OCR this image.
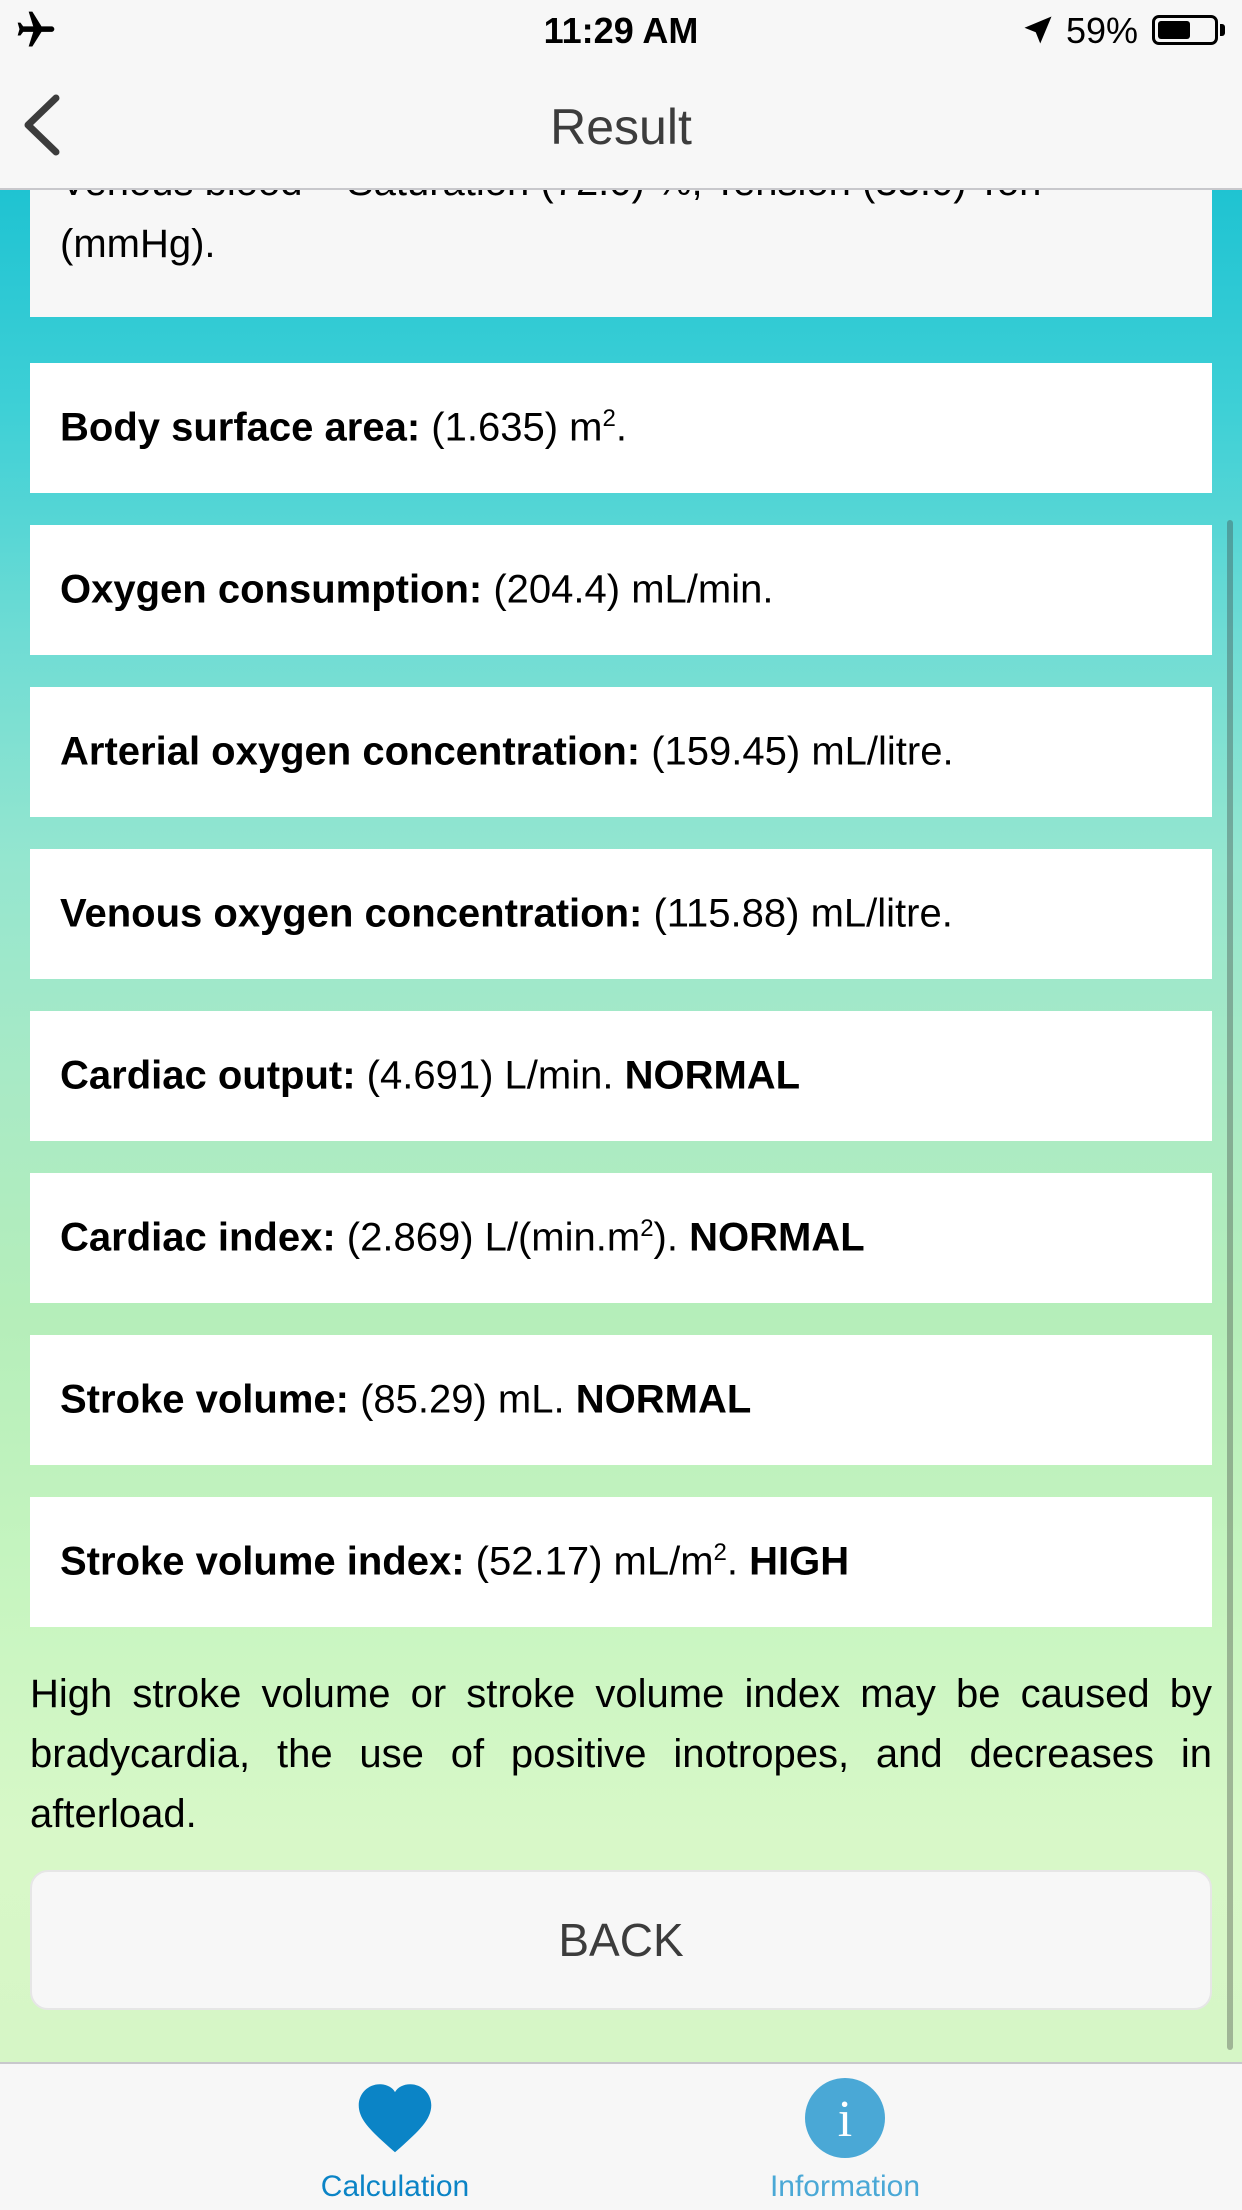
11:29 AM	59%
Result
(mmHg).
Body surface area: (1.635) $m^2$.
Oxygen consumption: (204.4) mL/min.
Arterial oxygen concentration: (159.45) mL/litre.
Venous oxygen concentration: (115.88) mL/litre.
Cardiac output: (4.691) L/min. NORMAL
Cardiac index: (2.869) $L/(\min.m^2)$. NORMAL
Stroke volume: (85.29) mL. NORMAL
Stroke volume index: (52.17) $mL/m^2$. HIGH
High stroke volume or stroke volume index may be caused by bradycardia, the use of positive inotropes, and decreases in afterload.
BACK
Calculation
i
Information
